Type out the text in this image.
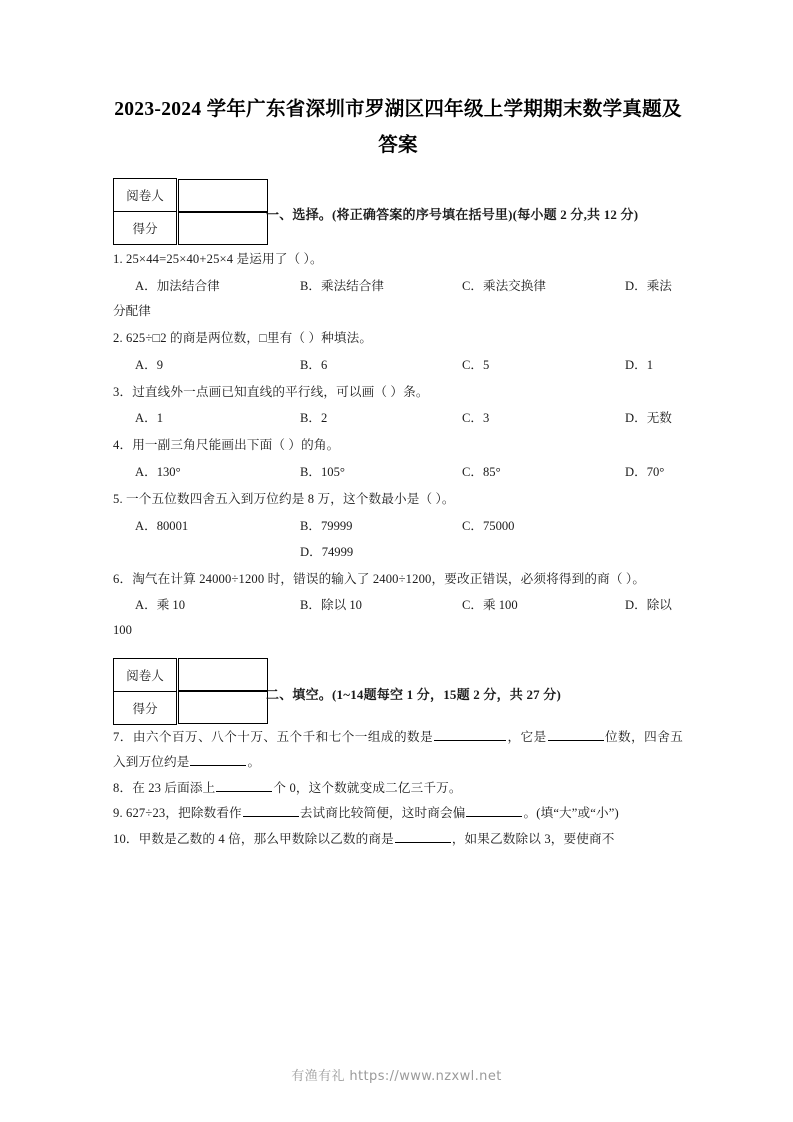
2023-2024 学年广东省深圳市罗湖区四年级上学期期末数学真题及答案
阅卷人	
得分	
一、选择。(将正确答案的序号填在括号里)(每小题 2 分,共 12 分)

1. 25×44=25×40+25×4 是运用了（ ）。

A．加法结合律	B．乘法结合律	C．乘法交换律	D．乘法

分配律

2. 625÷□2 的商是两位数，□里有（ ）种填法。

A．9	B．6	C．5	D．1

3．过直线外一点画已知直线的平行线，可以画（ ）条。

A．1	B．2	C．3	D．无数

4．用一副三角尺能画出下面（ ）的角。

A．130°	B．105°	C．85°	D．70°

5. 一个五位数四舍五入到万位约是 8 万，这个数最小是（ ）。

A．80001	B．79999	C．75000
D．74999

6．淘气在计算 24000÷1200 时，错误的输入了 2400÷1200，要改正错误，必须将得到的商（ ）。

A．乘 10	B．除以 10	C．乘 100	D．除以

100

阅卷人	
得分	
二、填空。(1~14题每空 1 分，15题 2 分，共 27 分)

7．由六个百万、八个十万、五个千和七个一组成的数是	，它是	位数，四舍五入到万位约是	。

8．在 23 后面添上	个 0，这个数就变成二亿三千万。

9. 627÷23，把除数看作	去试商比较简便，这时商会偏	。(填“大”或“小”)

10．甲数是乙数的 4 倍，那么甲数除以乙数的商是	，如果乙数除以 3，要使商不

有渔有礼 https://www.nzxwl.net
